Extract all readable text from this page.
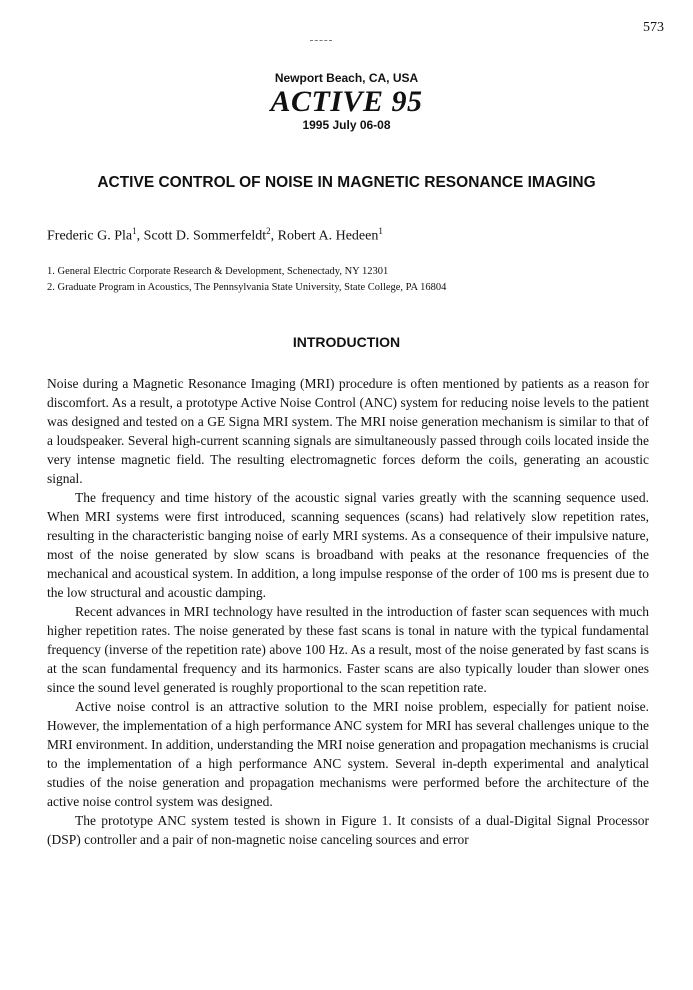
573
Newport Beach, CA, USA
ACTIVE 95
1995 July 06-08
ACTIVE CONTROL OF NOISE IN MAGNETIC RESONANCE IMAGING
Frederic G. Pla$^1$, Scott D. Sommerfeldt$^2$, Robert A. Hedeen$^1$
1. General Electric Corporate Research & Development, Schenectady, NY 12301
2. Graduate Program in Acoustics, The Pennsylvania State University, State College, PA 16804
INTRODUCTION

Noise during a Magnetic Resonance Imaging (MRI) procedure is often mentioned by patients as a reason for discomfort. As a result, a prototype Active Noise Control (ANC) system for reducing noise levels to the patient was designed and tested on a GE Signa MRI system. The MRI noise generation mechanism is similar to that of a loudspeaker. Several high-current scanning signals are simultaneously passed through coils located inside the very intense magnetic field. The resulting electromagnetic forces deform the coils, generating an acoustic signal.

The frequency and time history of the acoustic signal varies greatly with the scanning sequence used. When MRI systems were first introduced, scanning sequences (scans) had relatively slow repetition rates, resulting in the characteristic banging noise of early MRI systems. As a consequence of their impulsive nature, most of the noise generated by slow scans is broadband with peaks at the resonance frequencies of the mechanical and acoustical system. In addition, a long impulse response of the order of 100 ms is present due to the low structural and acoustic damping.

Recent advances in MRI technology have resulted in the introduction of faster scan sequences with much higher repetition rates. The noise generated by these fast scans is tonal in nature with the typical fundamental frequency (inverse of the repetition rate) above 100 Hz. As a result, most of the noise generated by fast scans is at the scan fundamental frequency and its harmonics. Faster scans are also typically louder than slower ones since the sound level generated is roughly proportional to the scan repetition rate.

Active noise control is an attractive solution to the MRI noise problem, especially for patient noise. However, the implementation of a high performance ANC system for MRI has several challenges unique to the MRI environment. In addition, understanding the MRI noise generation and propagation mechanisms is crucial to the implementation of a high performance ANC system. Several in-depth experimental and analytical studies of the noise generation and propagation mechanisms were performed before the architecture of the active noise control system was designed.

The prototype ANC system tested is shown in Figure 1. It consists of a dual-Digital Signal Processor (DSP) controller and a pair of non-magnetic noise canceling sources and error
